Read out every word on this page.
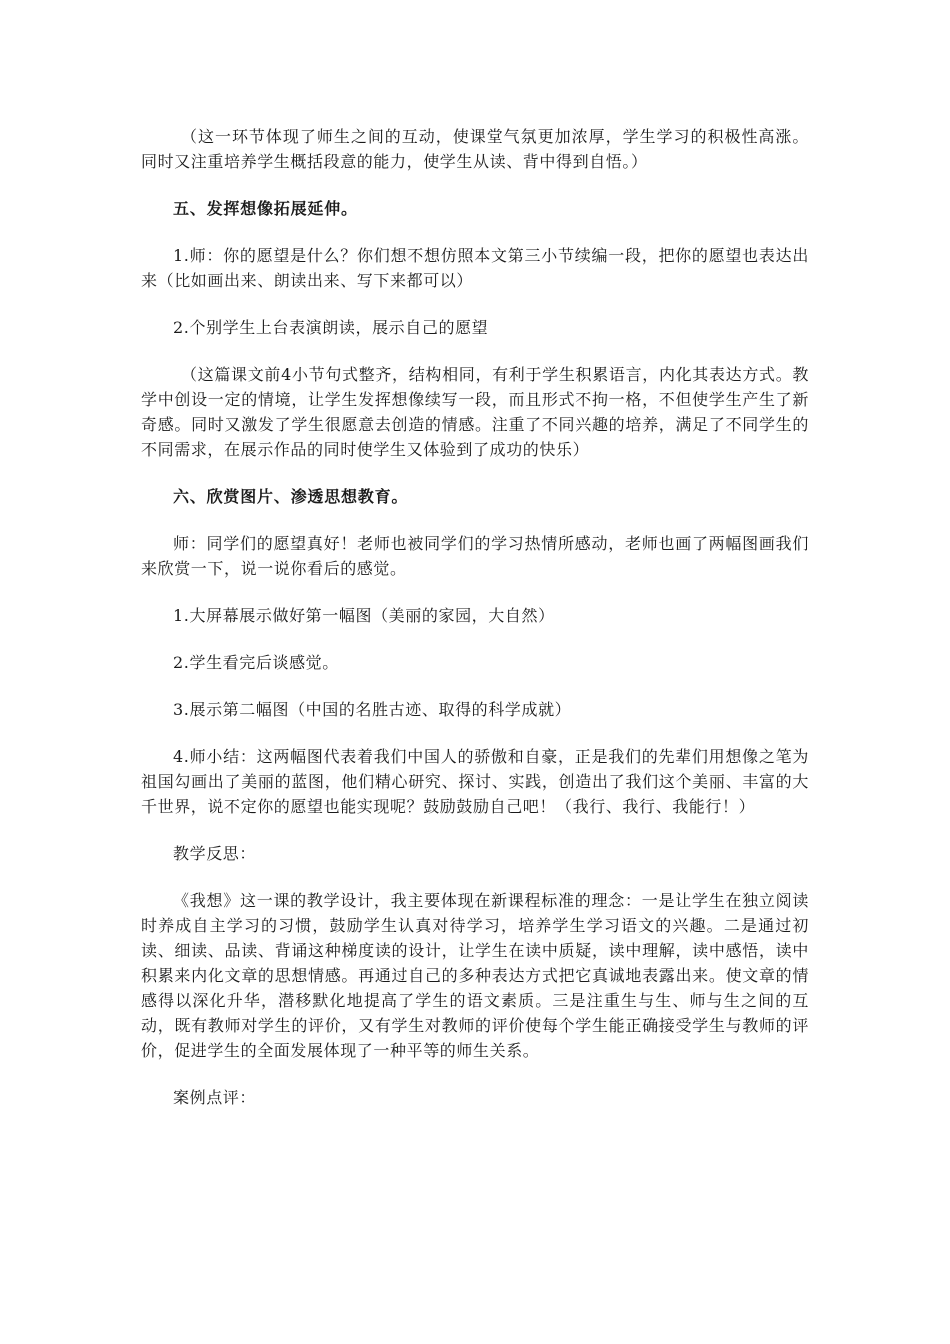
（这一环节体现了师生之间的互动，使课堂气氛更加浓厚，学生学习的积极性高涨。同时又注重培养学生概括段意的能力，使学生从读、背中得到自悟。）

五、发挥想像拓展延伸。

1.师：你的愿望是什么？你们想不想仿照本文第三小节续编一段，把你的愿望也表达出来（比如画出来、朗读出来、写下来都可以）

2.个别学生上台表演朗读，展示自己的愿望

（这篇课文前4小节句式整齐，结构相同，有利于学生积累语言，内化其表达方式。教学中创设一定的情境，让学生发挥想像续写一段，而且形式不拘一格，不但使学生产生了新奇感。同时又激发了学生很愿意去创造的情感。注重了不同兴趣的培养，满足了不同学生的不同需求，在展示作品的同时使学生又体验到了成功的快乐）

六、欣赏图片、渗透思想教育。

师：同学们的愿望真好！老师也被同学们的学习热情所感动，老师也画了两幅图画我们来欣赏一下，说一说你看后的感觉。

1.大屏幕展示做好第一幅图（美丽的家园，大自然）

2.学生看完后谈感觉。

3.展示第二幅图（中国的名胜古迹、取得的科学成就）

4.师小结：这两幅图代表着我们中国人的骄傲和自豪，正是我们的先辈们用想像之笔为祖国勾画出了美丽的蓝图，他们精心研究、探讨、实践，创造出了我们这个美丽、丰富的大千世界，说不定你的愿望也能实现呢？鼓励鼓励自己吧！（我行、我行、我能行！）

教学反思：

《我想》这一课的教学设计，我主要体现在新课程标准的理念：一是让学生在独立阅读时养成自主学习的习惯，鼓励学生认真对待学习，培养学生学习语文的兴趣。二是通过初读、细读、品读、背诵这种梯度读的设计，让学生在读中质疑，读中理解，读中感悟，读中积累来内化文章的思想情感。再通过自己的多种表达方式把它真诚地表露出来。使文章的情感得以深化升华，潜移默化地提高了学生的语文素质。三是注重生与生、师与生之间的互动，既有教师对学生的评价，又有学生对教师的评价使每个学生能正确接受学生与教师的评价，促进学生的全面发展体现了一种平等的师生关系。

案例点评：
